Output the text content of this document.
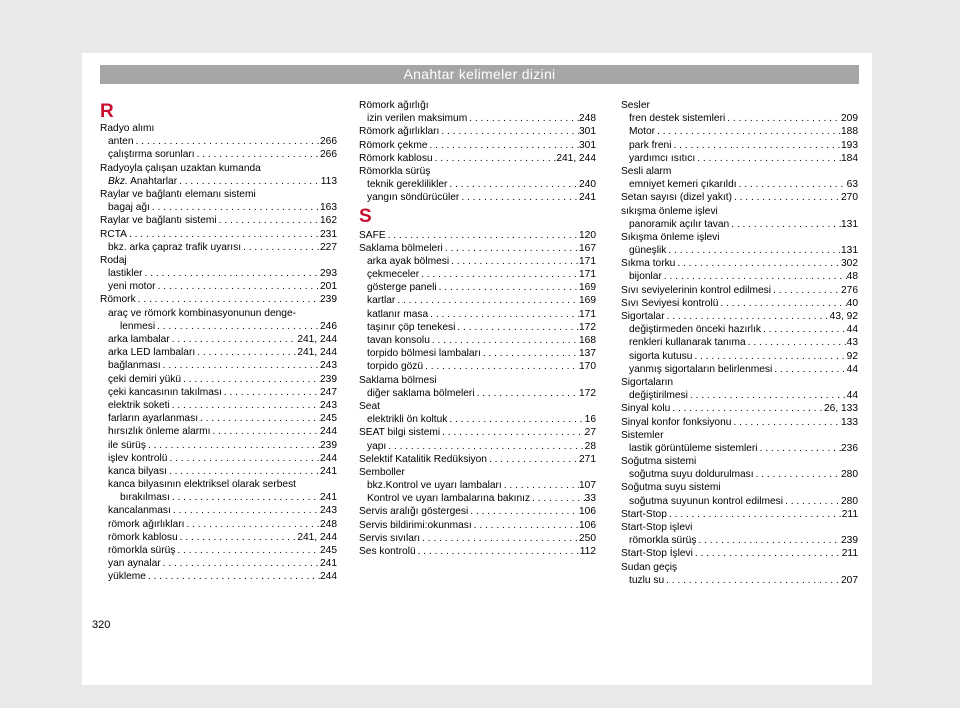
Anahtar kelimeler dizini
R
Radyo alımı
anten . . .	266
çalıştırma sorunları . . .	266
Radyoyla çalışan uzaktan kumanda
Bkz. Anahtarlar . . .	113
Raylar ve bağlantı elemanı sistemi
bagaj ağı . . .	163
Raylar ve bağlantı sistemi . . .	162
RCTA . . .	231
bkz. arka çapraz trafik uyarısı . . .	227
Rodaj
lastikler . . .	293
yeni motor . . .	201
Römork . . .	239
araç ve römork kombinasyonunun denge-
lenmesi . . .	246
arka lambalar . . .	241, 244
arka LED lambaları . . .	241, 244
bağlanması . . .	243
çeki demiri yükü . . .	239
çeki kancasının takılması . . .	247
elektrik soketi . . .	243
farların ayarlanması . . .	245
hırsızlık önleme alarmı . . .	244
ile sürüş . . .	239
işlev kontrolü . . .	244
kanca bilyası . . .	241
kanca bilyasının elektriksel olarak serbest
bırakılması . . .	241
kancalanması . . .	243
römork ağırlıkları . . .	248
römork kablosu . . .	241, 244
römorkla sürüş . . .	245
yan aynalar . . .	241
yükleme . . .	244
Römork ağırlığı
izin verilen maksimum . . .	248
Römork ağırlıkları . . .	301
Römork çekme . . .	301
Römork kablosu . . .	241, 244
Römorkla sürüş
teknik gereklilikler . . .	240
yangın söndürücüler . . .	241
S
SAFE . . .	120
Saklama bölmeleri . . .	167
arka ayak bölmesi . . .	171
çekmeceler . . .	171
gösterge paneli . . .	169
kartlar . . .	169
katlanır masa . . .	171
taşınır çöp tenekesi . . .	172
tavan konsolu . . .	168
torpido bölmesi lambaları . . .	137
torpido gözü . . .	170
Saklama bölmesi
diğer saklama bölmeleri . . .	172
Seat
elektrikli ön koltuk . . .	16
SEAT bilgi sistemi . . .	27
yapı . . .	28
Selektif Katalitik Redüksiyon . . .	271
Semboller
bkz.Kontrol ve uyarı lambaları . . .	107
Kontrol ve uyarı lambalarına bakınız . . .	33
Servis aralığı göstergesi . . .	106
Servis bildirimi:okunması . . .	106
Servis sıvıları . . .	250
Ses kontrolü . . .	112
Sesler
fren destek sistemleri . . .	209
Motor . . .	188
park freni . . .	193
yardımcı ısıtıcı . . .	184
Sesli alarm
emniyet kemeri çıkarıldı . . .	63
Setan sayısı (dizel yakıt) . . .	270
sıkışma önleme işlevi
panoramik açılır tavan . . .	131
Sıkışma önleme işlevi
güneşlik . . .	131
Sıkma torku . . .	302
bijonlar . . .	48
Sıvı seviyelerinin kontrol edilmesi . . .	276
Sıvı Seviyesi kontrolü . . .	40
Sigortalar . . .	43, 92
değiştirmeden önceki hazırlık . . .	44
renkleri kullanarak tanıma . . .	43
sigorta kutusu . . .	92
yanmış sigortaların belirlenmesi . . .	44
Sigortaların
değiştirilmesi . . .	44
Sinyal kolu . . .	26, 133
Sinyal konfor fonksiyonu . . .	133
Sistemler
lastik görüntüleme sistemleri . . .	236
Soğutma sistemi
soğutma suyu doldurulması . . .	280
Soğutma suyu sistemi
soğutma suyunun kontrol edilmesi . . .	280
Start-Stop . . .	211
Start-Stop işlevi
römorkla sürüş . . .	239
Start-Stop İşlevi . . .	211
Sudan geçiş
tuzlu su . . .	207
320
